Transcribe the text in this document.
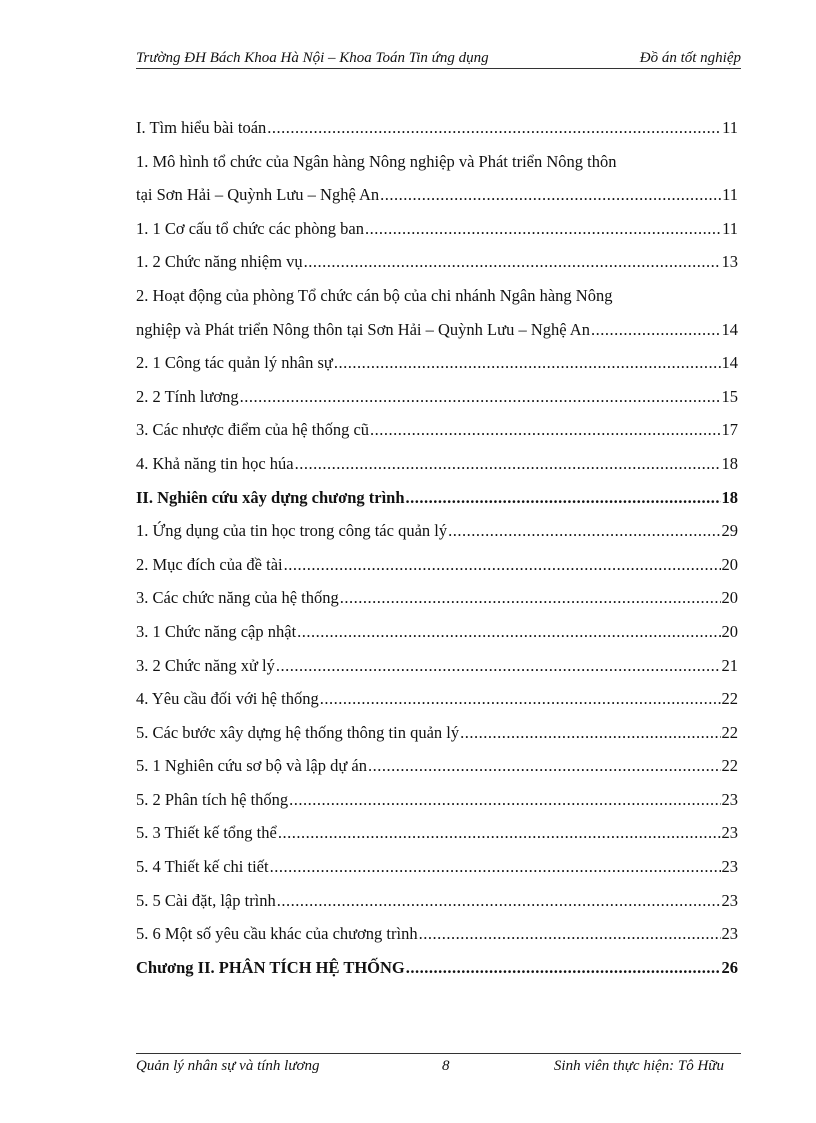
Trường ĐH Bách Khoa Hà Nội – Khoa Toán Tin ứng dụng	Đồ án tốt nghiệp
I. Tìm hiểu bài toán .....	11
1. Mô hình tổ chức của Ngân hàng Nông nghiệp và Phát triển Nông thôn
tại Sơn Hải – Quỳnh Lưu – Nghệ An .....	11
1. 1 Cơ cấu tổ chức các phòng ban .....	11
1. 2 Chức năng nhiệm vụ .....	13
2. Hoạt động của phòng Tổ chức cán bộ của chi nhánh Ngân hàng Nông
nghiệp và Phát triển Nông thôn tại Sơn Hải – Quỳnh Lưu – Nghệ An .....	14
2. 1 Công tác quản lý nhân sự .....	14
2. 2 Tính lương .....	15
3. Các nhược điểm của hệ thống cũ .....	17
4. Khả năng tin học húa .....	18
II. Nghiên cứu xây dựng chương trình .....	18
1. Ứng dụng của tin học trong công tác quản lý .....	29
2. Mục đích của đề tài .....	20
3. Các chức năng của hệ thống .....	20
3. 1 Chức năng cập nhật .....	20
3. 2 Chức năng xử lý .....	21
4. Yêu cầu đối với hệ thống .....	22
5. Các bước xây dựng hệ thống thông tin quản lý .....	22
5. 1 Nghiên cứu sơ bộ và lập dự án .....	22
5. 2 Phân tích hệ thống .....	23
5. 3 Thiết kế tổng thể .....	23
5. 4 Thiết kế chi tiết .....	23
5. 5 Cài đặt, lập trình .....	23
5. 6 Một số yêu cầu khác của chương trình .....	23
Chương II. PHÂN TÍCH HỆ THỐNG .....	26
Quản lý nhân sự và tính lương	8	Sinh viên thực hiện: Tô Hữu
